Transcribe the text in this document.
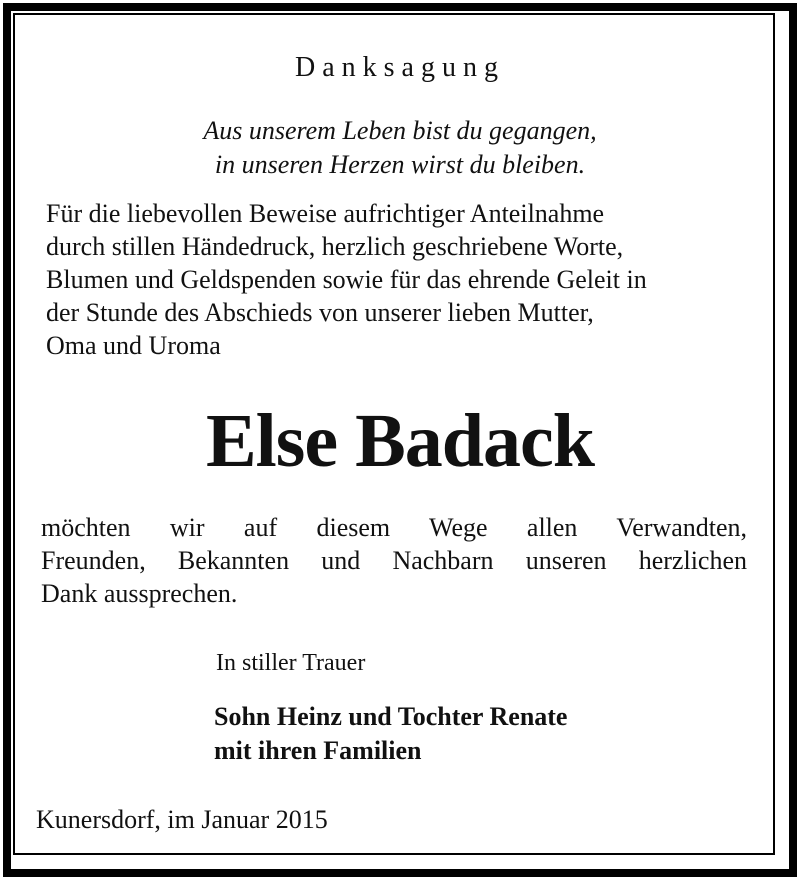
Danksagung

Aus unserem Leben bist du gegangen,

in unseren Herzen wirst du bleiben.

Für die liebevollen Beweise aufrichtiger Anteilnahme

durch stillen Händedruck, herzlich geschriebene Worte,

Blumen und Geldspenden sowie für das ehrende Geleit in

der Stunde des Abschieds von unserer lieben Mutter,

Oma und Uroma

Else Badack

möchten wir auf diesem Wege allen Verwandten,

Freunden, Bekannten und Nachbarn unseren herzlichen

Dank aussprechen.

In stiller Trauer

Sohn Heinz und Tochter Renate

mit ihren Familien

Kunersdorf, im Januar 2015
